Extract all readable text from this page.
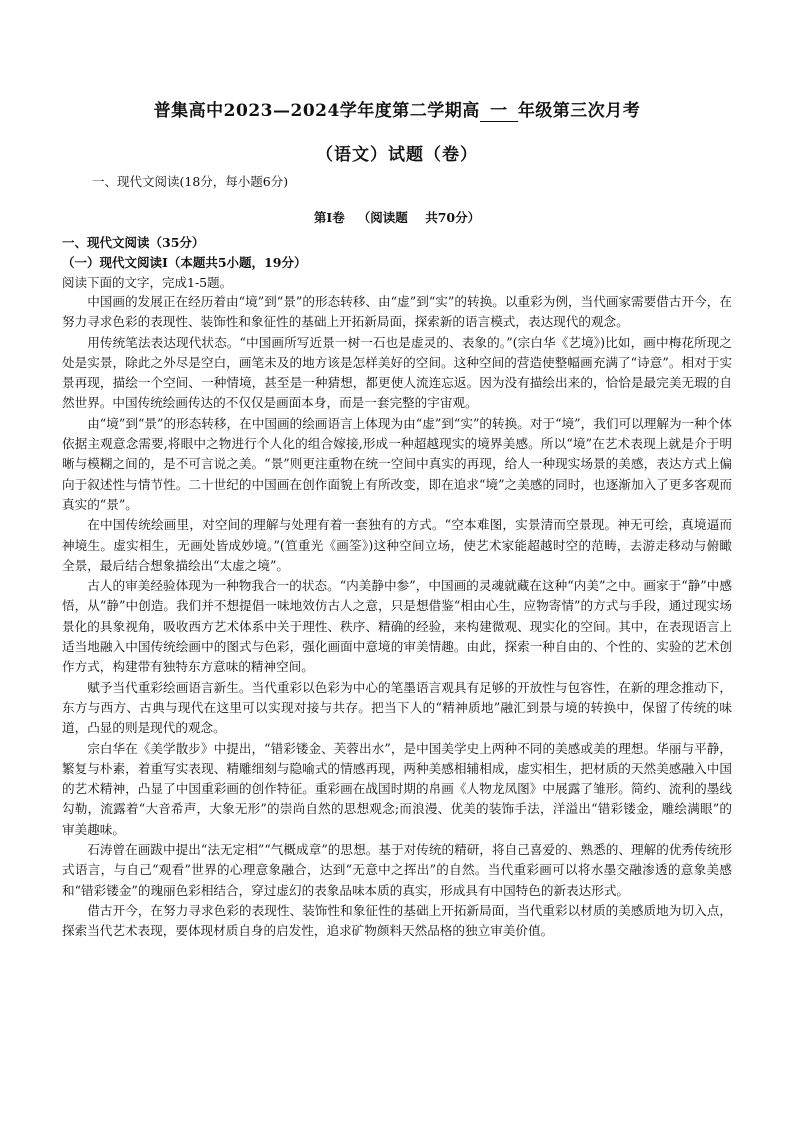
普集高中2023—2024学年度第二学期高 一 年级第三次月考
（语文）试题（卷）
一、现代文阅读(18分，每小题6分)
第Ⅰ卷   （阅读题    共70分）
一、现代文阅读（35分）
（一）现代文阅读Ⅰ（本题共5小题，19分）
阅读下面的文字，完成1-5题。

中国画的发展正在经历着由“境”到“景”的形态转移、由“虚”到“实”的转换。以重彩为例，当代画家需要借古开今，在努力寻求色彩的表现性、装饰性和象征性的基础上开拓新局面，探索新的语言模式，表达现代的观念。

用传统笔法表达现代状态。“中国画所写近景一树一石也是虚灵的、表象的。”(宗白华《艺境》)比如，画中梅花所现之处是实景，除此之外尽是空白，画笔未及的地方该是怎样美好的空间。这种空间的营造使整幅画充满了“诗意”。相对于实景再现，描绘一个空间、一种情境，甚至是一种猜想，都更使人流连忘返。因为没有描绘出来的，恰恰是最完美无瑕的自然世界。中国传统绘画传达的不仅仅是画面本身，而是一套完整的宇宙观。

由“境”到“景”的形态转移，在中国画的绘画语言上体现为由“虚”到“实”的转换。对于“境”，我们可以理解为一种个体依据主观意念需要,将眼中之物进行个人化的组合嫁接,形成一种超越现实的境界美感。所以“境”在艺术表现上就是介于明晰与模糊之间的，是不可言说之美。“景”则更注重物在统一空间中真实的再现，给人一种现实场景的美感，表达方式上偏向于叙述性与情节性。二十世纪的中国画在创作面貌上有所改变，即在追求“境”之美感的同时，也逐渐加入了更多客观而真实的“景”。

在中国传统绘画里，对空间的理解与处理有着一套独有的方式。“空本难图，实景清而空景现。神无可绘，真境逼而神境生。虚实相生，无画处皆成妙境。”(笪重光《画筌》)这种空间立场，使艺术家能超越时空的范畴，去游走移动与俯瞰全景，最后结合想象描绘出“太虚之境”。

古人的审美经验体现为一种物我合一的状态。“内美静中参”，中国画的灵魂就藏在这种“内美”之中。画家于“静”中感悟，从“静”中创造。我们并不想提倡一味地效仿古人之意，只是想借鉴“相由心生，应物寄情”的方式与手段，通过现实场景化的具象视角，吸收西方艺术体系中关于理性、秩序、精确的经验，来构建微观、现实化的空间。其中，在表现语言上适当地融入中国传统绘画中的图式与色彩，强化画面中意境的审美情趣。由此，探索一种自由的、个性的、实验的艺术创作方式，构建带有独特东方意味的精神空间。

赋予当代重彩绘画语言新生。当代重彩以色彩为中心的笔墨语言观具有足够的开放性与包容性，在新的理念推动下，东方与西方、古典与现代在这里可以实现对接与共存。把当下人的“精神质地”融汇到景与境的转换中，保留了传统的味道，凸显的则是现代的观念。

宗白华在《美学散步》中提出，“错彩镂金、芙蓉出水”，是中国美学史上两种不同的美感或美的理想。华丽与平静，繁复与朴素，着重写实表现、精雕细刻与隐喻式的情感再现，两种美感相辅相成，虚实相生，把材质的天然美感融入中国的艺术精神，凸显了中国重彩画的创作特征。重彩画在战国时期的帛画《人物龙凤图》中展露了雏形。简约、流利的墨线勾勒，流露着“大音希声，大象无形”的崇尚自然的思想观念;而浪漫、优美的装饰手法，洋溢出“错彩镂金，雕绘满眼”的审美趣味。

石涛曾在画跋中提出“法无定相”“气概成章”的思想。基于对传统的精研，将自己喜爱的、熟悉的、理解的优秀传统形式语言，与自己“观看”世界的心理意象融合，达到“无意中之挥出”的自然。当代重彩画可以将水墨交融渗透的意象美感和“错彩镂金”的瑰丽色彩相结合，穿过虚幻的表象品味本质的真实，形成具有中国特色的新表达形式。

借古开今，在努力寻求色彩的表现性、装饰性和象征性的基础上开拓新局面，当代重彩以材质的美感质地为切入点，探索当代艺术表现，要体现材质自身的启发性，追求矿物颜料天然品格的独立审美价值。
